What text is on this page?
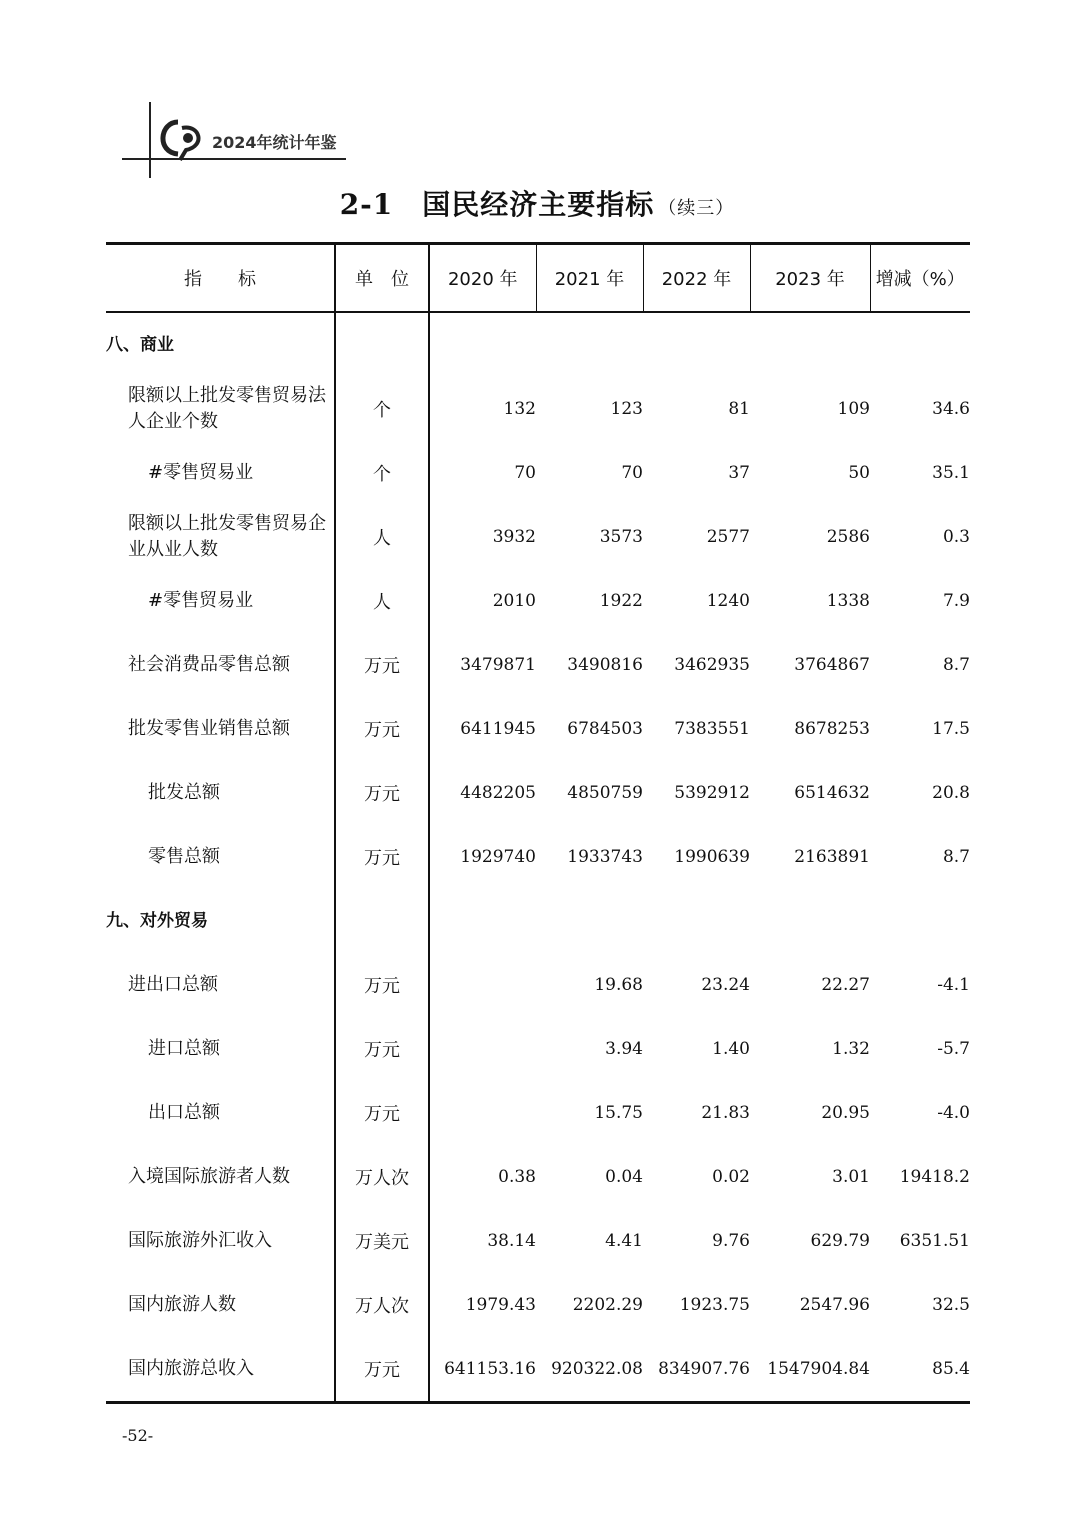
2024年统计年鉴
2-1　国民经济主要指标 （续三）
指　　标	单　位	2020 年	2021 年	2022 年	2023 年	增减（%）
八、商业						
限额以上批发零售贸易法人企业个数	个	132	123	81	109	34.6
#零售贸易业	个	70	70	37	50	35.1
限额以上批发零售贸易企业从业人数	人	3932	3573	2577	2586	0.3
#零售贸易业	人	2010	1922	1240	1338	7.9
社会消费品零售总额	万元	3479871	3490816	3462935	3764867	8.7
批发零售业销售总额	万元	6411945	6784503	7383551	8678253	17.5
批发总额	万元	4482205	4850759	5392912	6514632	20.8
零售总额	万元	1929740	1933743	1990639	2163891	8.7
九、对外贸易						
进出口总额	万元		19.68	23.24	22.27	-4.1
进口总额	万元		3.94	1.40	1.32	-5.7
出口总额	万元		15.75	21.83	20.95	-4.0
入境国际旅游者人数	万人次	0.38	0.04	0.02	3.01	19418.2
国际旅游外汇收入	万美元	38.14	4.41	9.76	629.79	6351.51
国内旅游人数	万人次	1979.43	2202.29	1923.75	2547.96	32.5
国内旅游总收入	万元	641153.16	920322.08	834907.76	1547904.84	85.4
-52-
